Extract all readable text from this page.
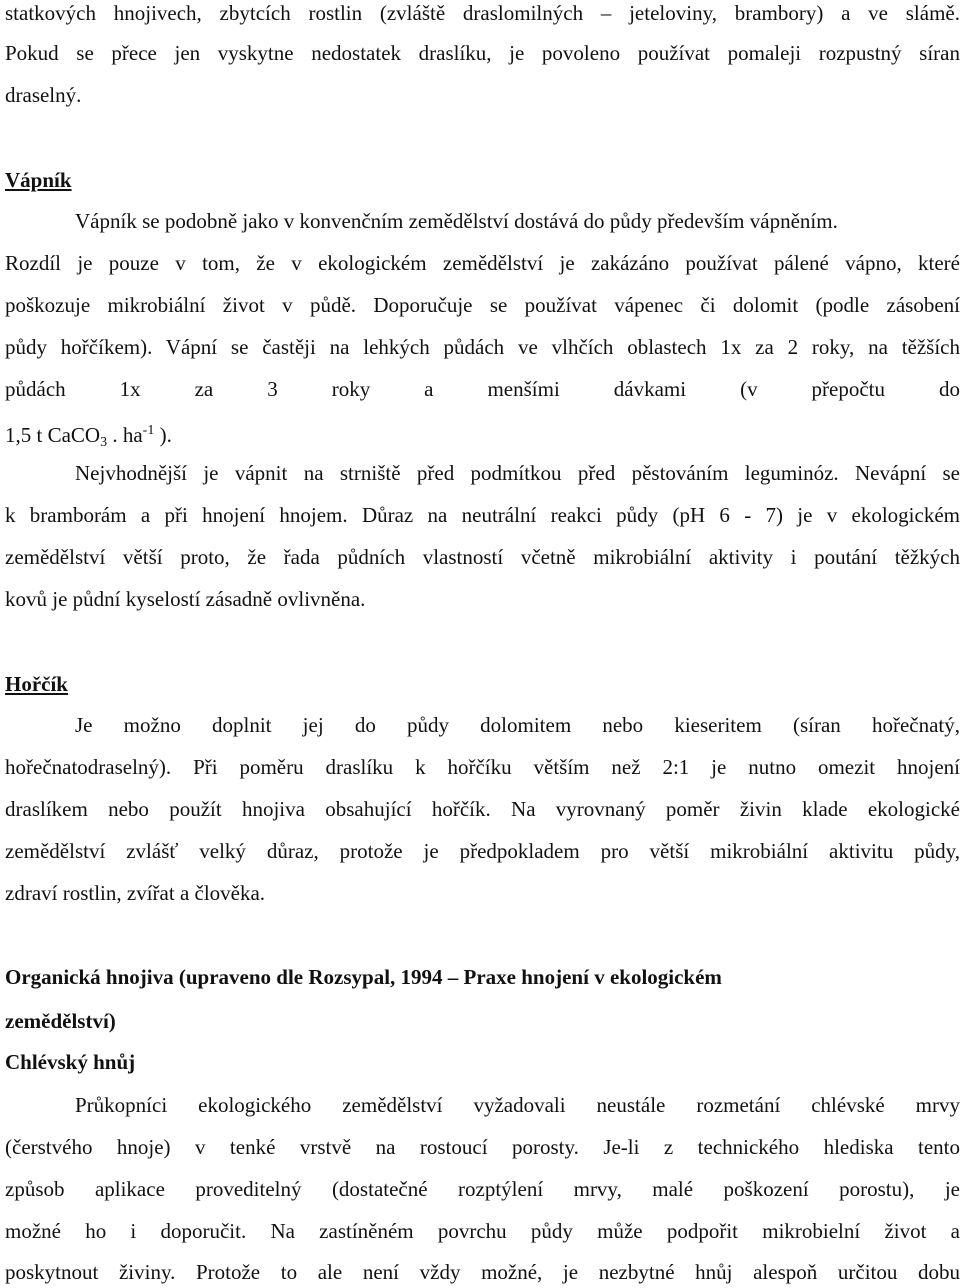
statkových hnojivech, zbytcích rostlin (zvláště draslomilných – jeteloviny, brambory) a ve slámě.
Pokud se přece jen vyskytne nedostatek draslíku, je povoleno používat pomaleji rozpustný síran
draselný.
Vápník
Vápník se podobně jako v konvenčním zemědělství dostává do půdy především vápněním.
Rozdíl je pouze v tom, že v ekologickém zemědělství je zakázáno používat pálené vápno, které
poškozuje mikrobiální život v půdě. Doporučuje se používat vápenec či dolomit (podle zásobení
půdy hořčíkem). Vápní se častěji na lehkých půdách ve vlhčích oblastech 1x za 2 roky, na těžších
půdách 1x za 3 roky a menšími dávkami (v přepočtu do
1,5 t CaCO$_3$ . $ha^{-1}$ ).
Nejvhodnější je vápnit na strniště před podmítkou před pěstováním leguminóz. Nevápní se
k bramborám a při hnojení hnojem. Důraz na neutrální reakci půdy (pH 6 - 7) je v ekologickém
zemědělství větší proto, že řada půdních vlastností včetně mikrobiální aktivity i poutání těžkých
kovů je půdní kyselostí zásadně ovlivněna.
Hořčík
Je možno doplnit jej do půdy dolomitem nebo kieseritem (síran hořečnatý,
hořečnatodraselný). Při poměru draslíku k hořčíku větším než 2:1 je nutno omezit hnojení
draslíkem nebo použít hnojiva obsahující hořčík. Na vyrovnaný poměr živin klade ekologické
zemědělství zvlášť velký důraz, protože je předpokladem pro větší mikrobiální aktivitu půdy,
zdraví rostlin, zvířat a člověka.
Organická hnojiva (upraveno dle Rozsypal, 1994 – Praxe hnojení v ekologickém
zemědělství)
Chlévský hnůj
Průkopníci ekologického zemědělství vyžadovali neustále rozmetání chlévské mrvy
(čerstvého hnoje) v tenké vrstvě na rostoucí porosty. Je-li z technického hlediska tento
způsob aplikace proveditelný (dostatečné rozptýlení mrvy, malé poškození porostu), je
možné ho i doporučit. Na zastíněném povrchu půdy může podpořit mikrobielní život a
poskytnout živiny. Protože to ale není vždy možné, je nezbytné hnůj alespoň určitou dobu
